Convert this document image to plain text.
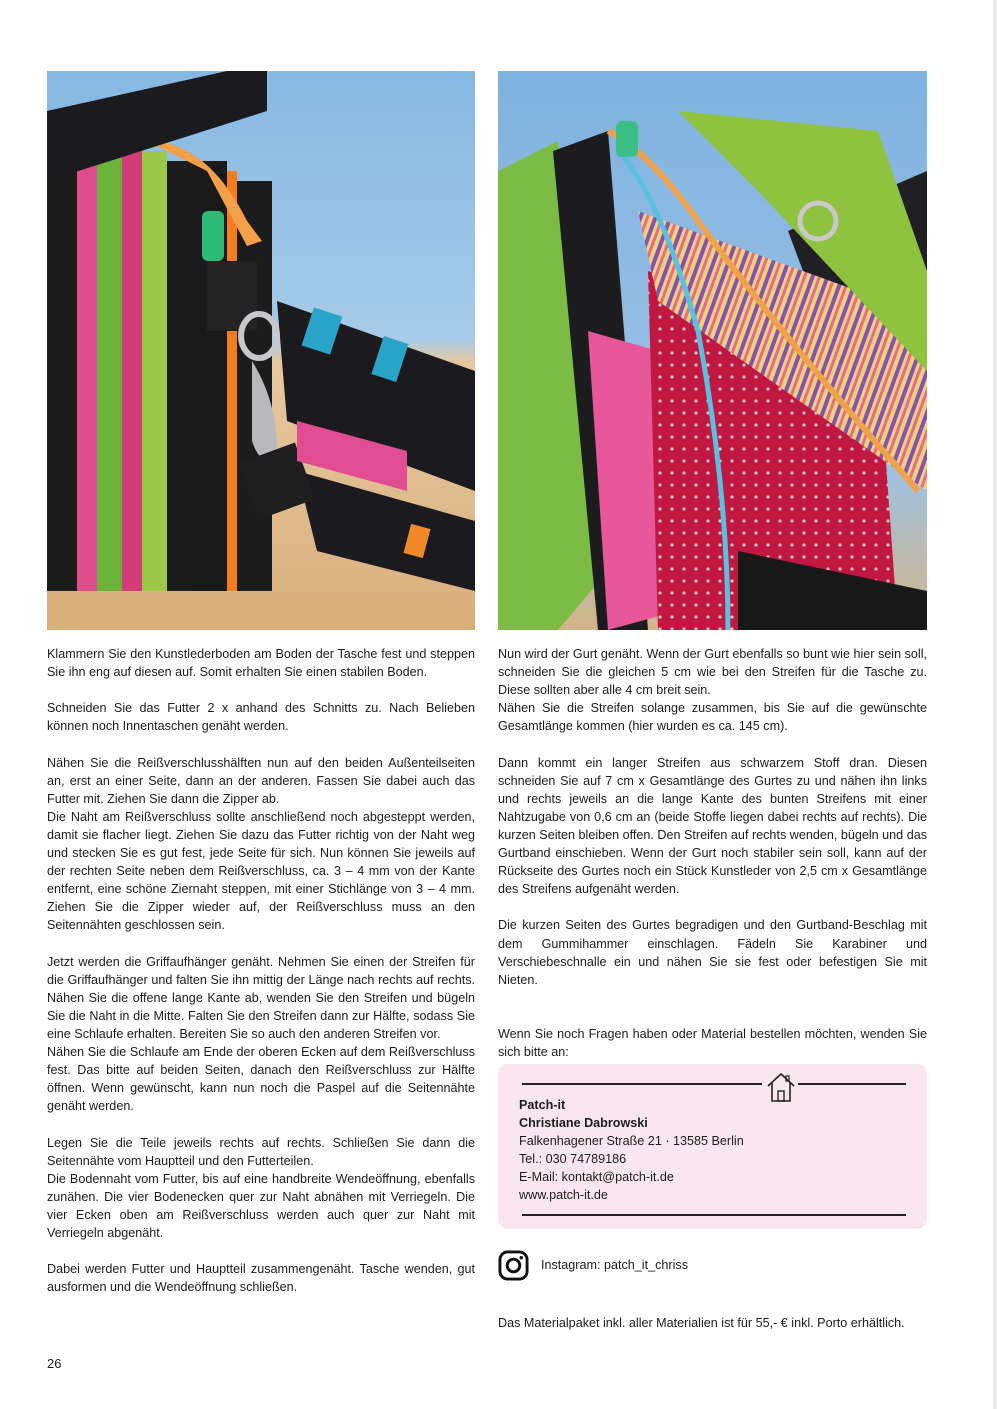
Klammern Sie den Kunstlederboden am Boden der Tasche fest und steppen Sie ihn eng auf diesen auf. Somit erhalten Sie einen stabilen Boden.

Schneiden Sie das Futter 2 x anhand des Schnitts zu. Nach Belieben können noch Innentaschen genäht werden.

Nähen Sie die Reißverschlusshälften nun auf den beiden Außenteilseiten an, erst an einer Seite, dann an der anderen. Fassen Sie dabei auch das Futter mit. Ziehen Sie dann die Zipper ab.

Die Naht am Reißverschluss sollte anschließend noch abgesteppt werden, damit sie flacher liegt. Ziehen Sie dazu das Futter richtig von der Naht weg und stecken Sie es gut fest, jede Seite für sich. Nun können Sie jeweils auf der rechten Seite neben dem Reißverschluss, ca. 3 – 4 mm von der Kante entfernt, eine schöne Ziernaht steppen, mit einer Stichlänge von 3 – 4 mm. Ziehen Sie die Zipper wieder auf, der Reißverschluss muss an den Seitennähten geschlossen sein.

Jetzt werden die Griffaufhänger genäht. Nehmen Sie einen der Streifen für die Griffaufhänger und falten Sie ihn mittig der Länge nach rechts auf rechts. Nähen Sie die offene lange Kante ab, wenden Sie den Streifen und bügeln Sie die Naht in die Mitte. Falten Sie den Streifen dann zur Hälfte, sodass Sie eine Schlaufe erhalten. Bereiten Sie so auch den anderen Streifen vor.

Nähen Sie die Schlaufe am Ende der oberen Ecken auf dem Reißverschluss fest. Das bitte auf beiden Seiten, danach den Reißverschluss zur Hälfte öffnen. Wenn gewünscht, kann nun noch die Paspel auf die Seitennähte genäht werden.

Legen Sie die Teile jeweils rechts auf rechts. Schließen Sie dann die Seitennähte vom Hauptteil und den Futterteilen.

Die Bodennaht vom Futter, bis auf eine handbreite Wendeöffnung, ebenfalls zunähen. Die vier Bodenecken quer zur Naht abnähen mit Verriegeln. Die vier Ecken oben am Reißverschluss werden auch quer zur Naht mit Verriegeln abgenäht.

Dabei werden Futter und Hauptteil zusammengenäht. Tasche wenden, gut ausformen und die Wendeöffnung schließen.

Nun wird der Gurt genäht. Wenn der Gurt ebenfalls so bunt wie hier sein soll, schneiden Sie die gleichen 5 cm wie bei den Streifen für die Tasche zu. Diese sollten aber alle 4 cm breit sein.

Nähen Sie die Streifen solange zusammen, bis Sie auf die gewünschte Gesamtlänge kommen (hier wurden es ca. 145 cm).

Dann kommt ein langer Streifen aus schwarzem Stoff dran. Diesen schneiden Sie auf 7 cm x Gesamtlänge des Gurtes zu und nähen ihn links und rechts jeweils an die lange Kante des bunten Streifens mit einer Nahtzugabe von 0,6 cm an (beide Stoffe liegen dabei rechts auf rechts). Die kurzen Seiten bleiben offen. Den Streifen auf rechts wenden, bügeln und das Gurtband einschieben. Wenn der Gurt noch stabiler sein soll, kann auf der Rückseite des Gurtes noch ein Stück Kunstleder von 2,5 cm x Gesamtlänge des Streifens aufgenäht werden.

Die kurzen Seiten des Gurtes begradigen und den Gurtband-Beschlag mit dem Gummihammer einschlagen. Fädeln Sie Karabiner und Verschiebeschnalle ein und nähen Sie sie fest oder befestigen Sie mit Nieten.

Wenn Sie noch Fragen haben oder Material bestellen möchten, wenden Sie sich bitte an:

Patch-it
Christiane Dabrowski
Falkenhagener Straße 21 · 13585 Berlin
Tel.: 030 74789186
E-Mail: kontakt@patch-it.de
www.patch-it.de
Instagram: patch_it_chriss
Das Materialpaket inkl. aller Materialien ist für 55,- € inkl. Porto erhältlich.
26
